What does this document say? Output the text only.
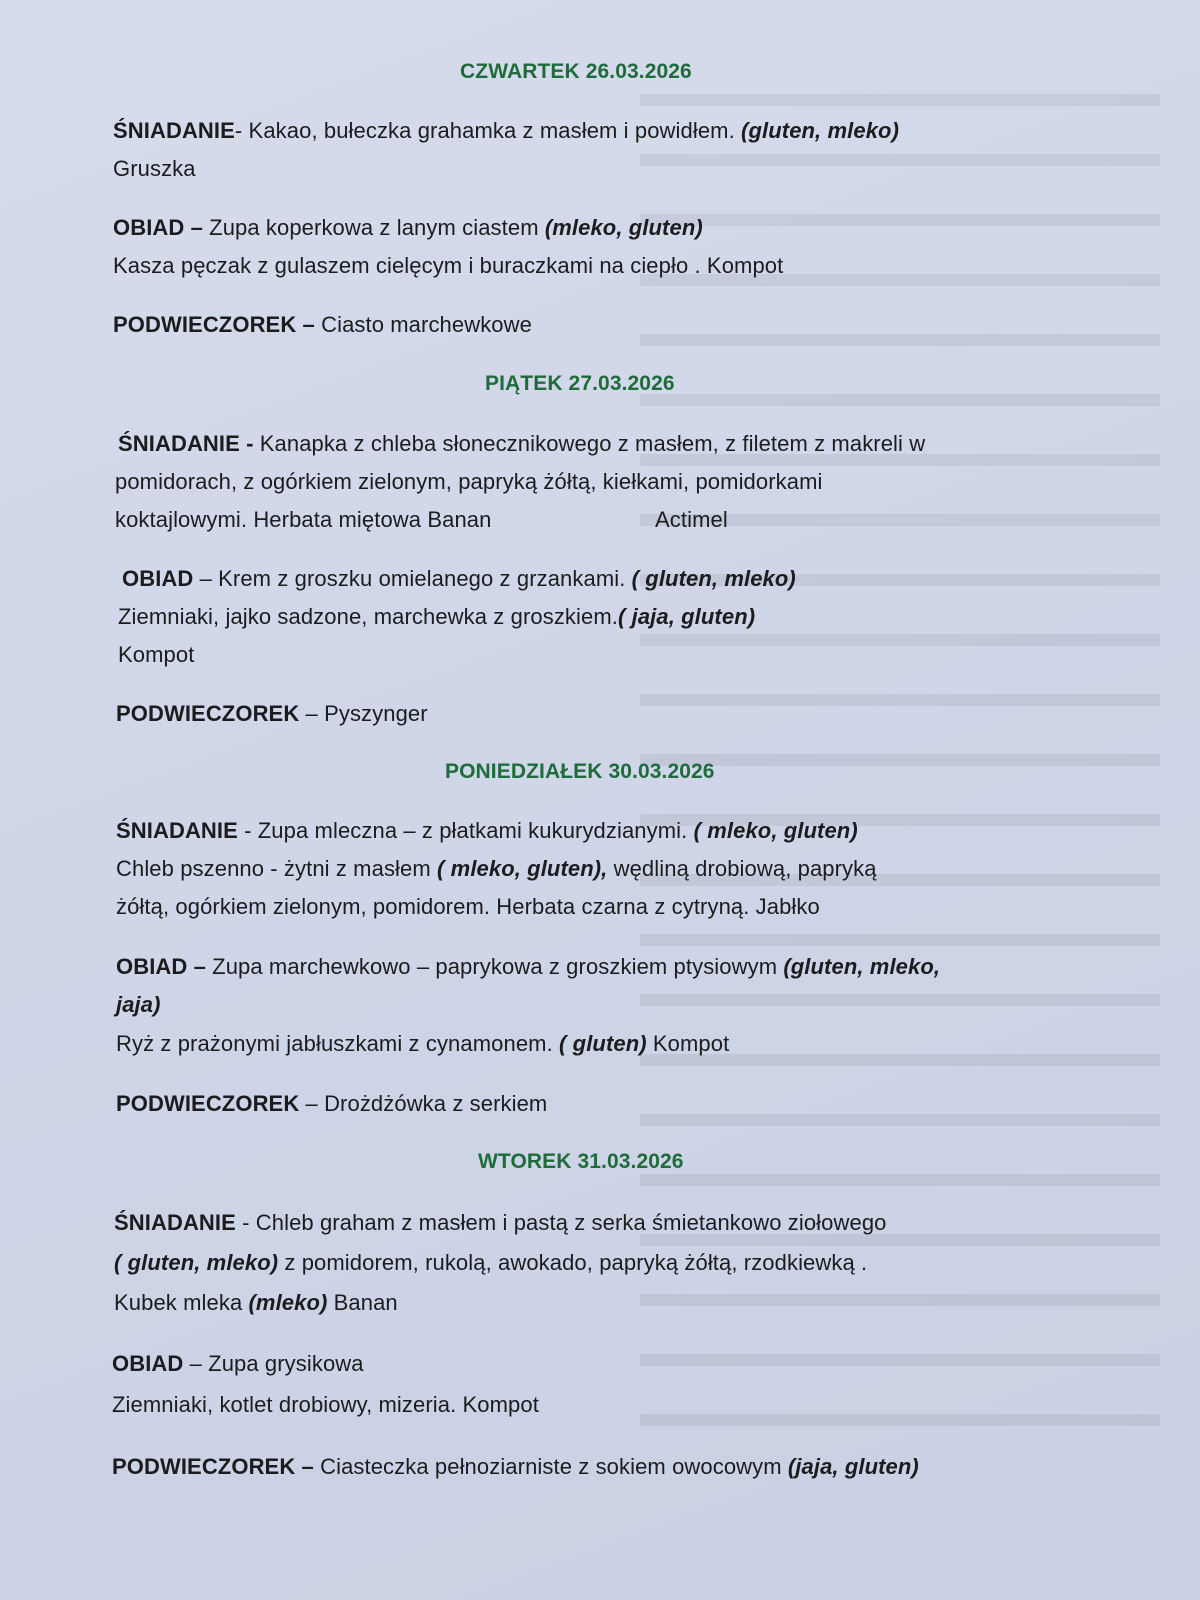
CZWARTEK 26.03.2026
ŚNIADANIE- Kakao, bułeczka grahamka z masłem i powidłem. (gluten, mleko)
Gruszka
OBIAD – Zupa koperkowa z lanym ciastem (mleko, gluten)
Kasza pęczak z gulaszem cielęcym i buraczkami na ciepło . Kompot
PODWIECZOREK – Ciasto marchewkowe
PIĄTEK 27.03.2026
ŚNIADANIE - Kanapka z chleba słonecznikowego z masłem, z filetem z makreli w
pomidorach, z ogórkiem zielonym, papryką żółtą, kiełkami, pomidorkami
koktajlowymi. Herbata miętowa Banan	Actimel
OBIAD – Krem z groszku omielanego z grzankami. ( gluten, mleko)
Ziemniaki, jajko sadzone, marchewka z groszkiem.( jaja, gluten)
Kompot
PODWIECZOREK – Pyszynger
PONIEDZIAŁEK 30.03.2026
ŚNIADANIE - Zupa mleczna – z płatkami kukurydzianymi. ( mleko, gluten)
Chleb pszenno - żytni z masłem ( mleko, gluten), wędliną drobiową, papryką
żółtą, ogórkiem zielonym, pomidorem. Herbata czarna z cytryną. Jabłko
OBIAD – Zupa marchewkowo – paprykowa z groszkiem ptysiowym (gluten, mleko,
jaja)
Ryż z prażonymi jabłuszkami z cynamonem. ( gluten) Kompot
PODWIECZOREK – Drożdżówka z serkiem
WTOREK 31.03.2026
ŚNIADANIE - Chleb graham z masłem i pastą z serka śmietankowo ziołowego
( gluten, mleko) z pomidorem, rukolą, awokado, papryką żółtą, rzodkiewką .
Kubek mleka (mleko) Banan
OBIAD – Zupa grysikowa
Ziemniaki, kotlet drobiowy, mizeria. Kompot
PODWIECZOREK – Ciasteczka pełnoziarniste z sokiem owocowym (jaja, gluten)
